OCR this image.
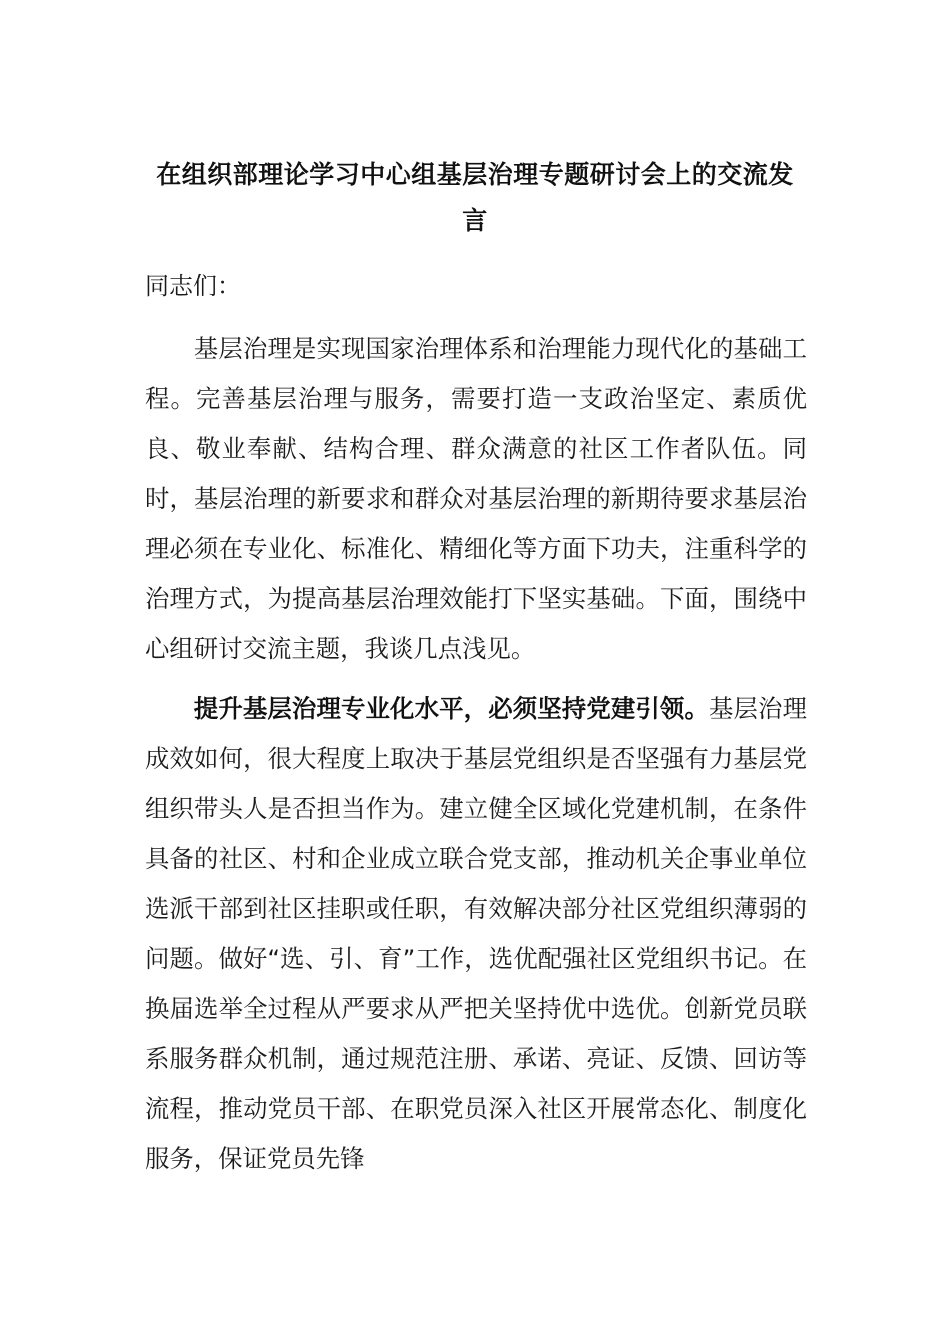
在组织部理论学习中心组基层治理专题研讨会上的交流发
言

同志们：

基层治理是实现国家治理体系和治理能力现代化的基础工程。完善基层治理与服务，需要打造一支政治坚定、素质优良、敬业奉献、结构合理、群众满意的社区工作者队伍。同时，基层治理的新要求和群众对基层治理的新期待要求基层治理必须在专业化、标准化、精细化等方面下功夫，注重科学的治理方式，为提高基层治理效能打下坚实基础。下面，围绕中心组研讨交流主题，我谈几点浅见。

提升基层治理专业化水平，必须坚持党建引领。基层治理成效如何，很大程度上取决于基层党组织是否坚强有力基层党组织带头人是否担当作为。建立健全区域化党建机制，在条件具备的社区、村和企业成立联合党支部，推动机关企事业单位选派干部到社区挂职或任职，有效解决部分社区党组织薄弱的问题。做好“选、引、育”工作，选优配强社区党组织书记。在换届选举全过程从严要求从严把关坚持优中选优。创新党员联系服务群众机制，通过规范注册、承诺、亮证、反馈、回访等流程，推动党员干部、在职党员深入社区开展常态化、制度化服务，保证党员先锋
